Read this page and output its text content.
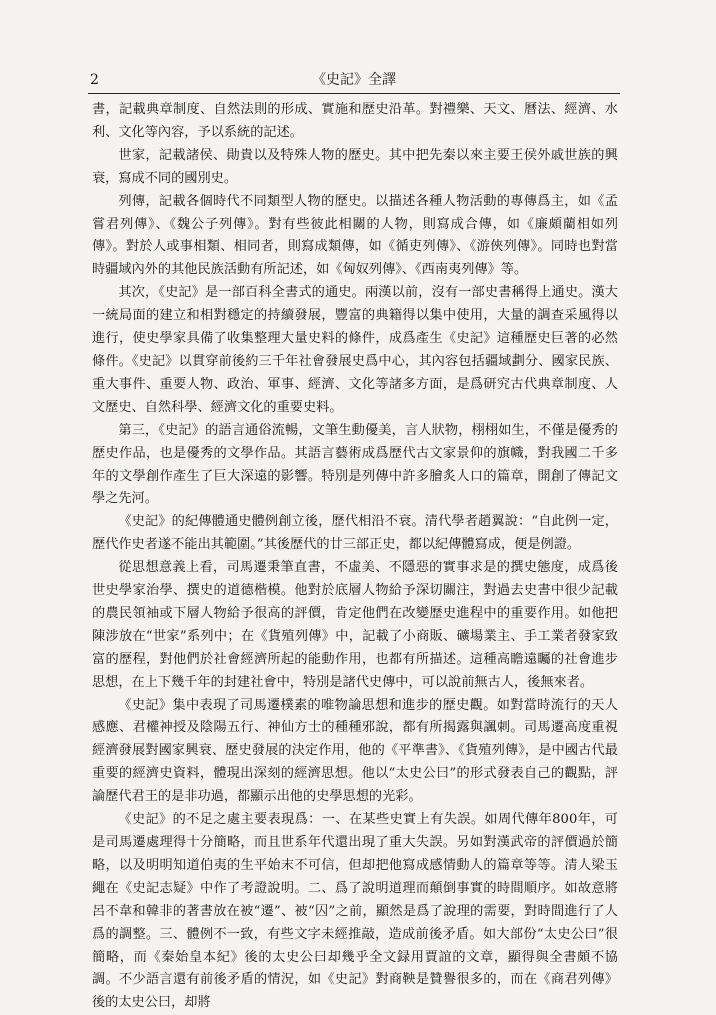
2	《史記》全譯

書，記載典章制度、自然法則的形成、實施和歷史沿革。對禮樂、天文、曆法、經濟、水利、文化等內容，予以系統的記述。

世家，記載諸侯、勛貴以及特殊人物的歷史。其中把先秦以來主要王侯外戚世族的興衰，寫成不同的國別史。

列傳，記載各個時代不同類型人物的歷史。以描述各種人物活動的專傳爲主，如《孟嘗君列傳》、《魏公子列傳》。對有些彼此相關的人物，則寫成合傳，如《廉頗藺相如列傳》。對於人或事相類、相同者，則寫成類傳，如《循吏列傳》、《游俠列傳》。同時也對當時疆域內外的其他民族活動有所記述，如《匈奴列傳》、《西南夷列傳》等。

其次，《史記》是一部百科全書式的通史。兩漢以前，沒有一部史書稱得上通史。漢大一統局面的建立和相對穩定的持續發展，豐富的典籍得以集中使用，大量的調查采風得以進行，使史學家具備了收集整理大量史料的條件，成爲產生《史記》這種歷史巨著的必然條件。《史記》以貫穿前後約三千年社會發展史爲中心，其內容包括疆域劃分、國家民族、重大事件、重要人物、政治、軍事、經濟、文化等諸多方面，是爲研究古代典章制度、人文歷史、自然科學、經濟文化的重要史料。

第三，《史記》的語言通俗流暢，文筆生動優美，言人狀物，栩栩如生，不僅是優秀的歷史作品，也是優秀的文學作品。其語言藝術成爲歷代古文家景仰的旗幟，對我國二千多年的文學創作產生了巨大深遠的影響。特別是列傳中許多膾炙人口的篇章，開創了傳記文學之先河。

《史記》的紀傳體通史體例創立後，歷代相沿不衰。清代學者趙翼說：“自此例一定，歷代作史者遂不能出其範圍。”其後歷代的廿三部正史，都以紀傳體寫成，便是例證。

從思想意義上看，司馬遷秉筆直書，不虛美、不隱惡的實事求是的撰史態度，成爲後世史學家治學、撰史的道德楷模。他對於底層人物給予深切關注，對過去史書中很少記載的農民領袖或下層人物給予很高的評價，肯定他們在改變歷史進程中的重要作用。如他把陳涉放在“世家”系列中；在《貨殖列傳》中，記載了小商販、礦場業主、手工業者發家致富的歷程，對他們於社會經濟所起的能動作用，也都有所描述。這種高瞻遠矚的社會進步思想，在上下幾千年的封建社會中，特別是諸代史傳中，可以說前無古人，後無來者。

《史記》集中表現了司馬遷樸素的唯物論思想和進步的歷史觀。如對當時流行的天人感應、君權神授及陰陽五行、神仙方士的種種邪說，都有所揭露與諷刺。司馬遷高度重視經濟發展對國家興衰、歷史發展的決定作用，他的《平準書》、《貨殖列傳》，是中國古代最重要的經濟史資料，體現出深刻的經濟思想。他以“太史公曰”的形式發表自己的觀點，評論歷代君王的是非功過，都顯示出他的史學思想的光彩。

《史記》的不足之處主要表現爲：一、在某些史實上有失誤。如周代傳年800年，可是司馬遷處理得十分簡略，而且世系年代還出現了重大失誤。另如對漢武帝的評價過於簡略，以及明明知道伯夷的生平始末不可信，但却把他寫成感情動人的篇章等等。清人梁玉繩在《史記志疑》中作了考證說明。二、爲了說明道理而顛倒事實的時間順序。如故意將呂不韋和韓非的著書放在被“遷”、被“囚”之前，顯然是爲了說理的需要，對時間進行了人爲的調整。三、體例不一致，有些文字未經推敲，造成前後矛盾。如大部份“太史公曰”很簡略，而《秦始皇本紀》後的太史公曰却幾乎全文録用賈誼的文章，顯得與全書頗不協調。不少語言還有前後矛盾的情況，如《史記》對商鞅是贊譽很多的，而在《商君列傳》後的太史公曰，却將
